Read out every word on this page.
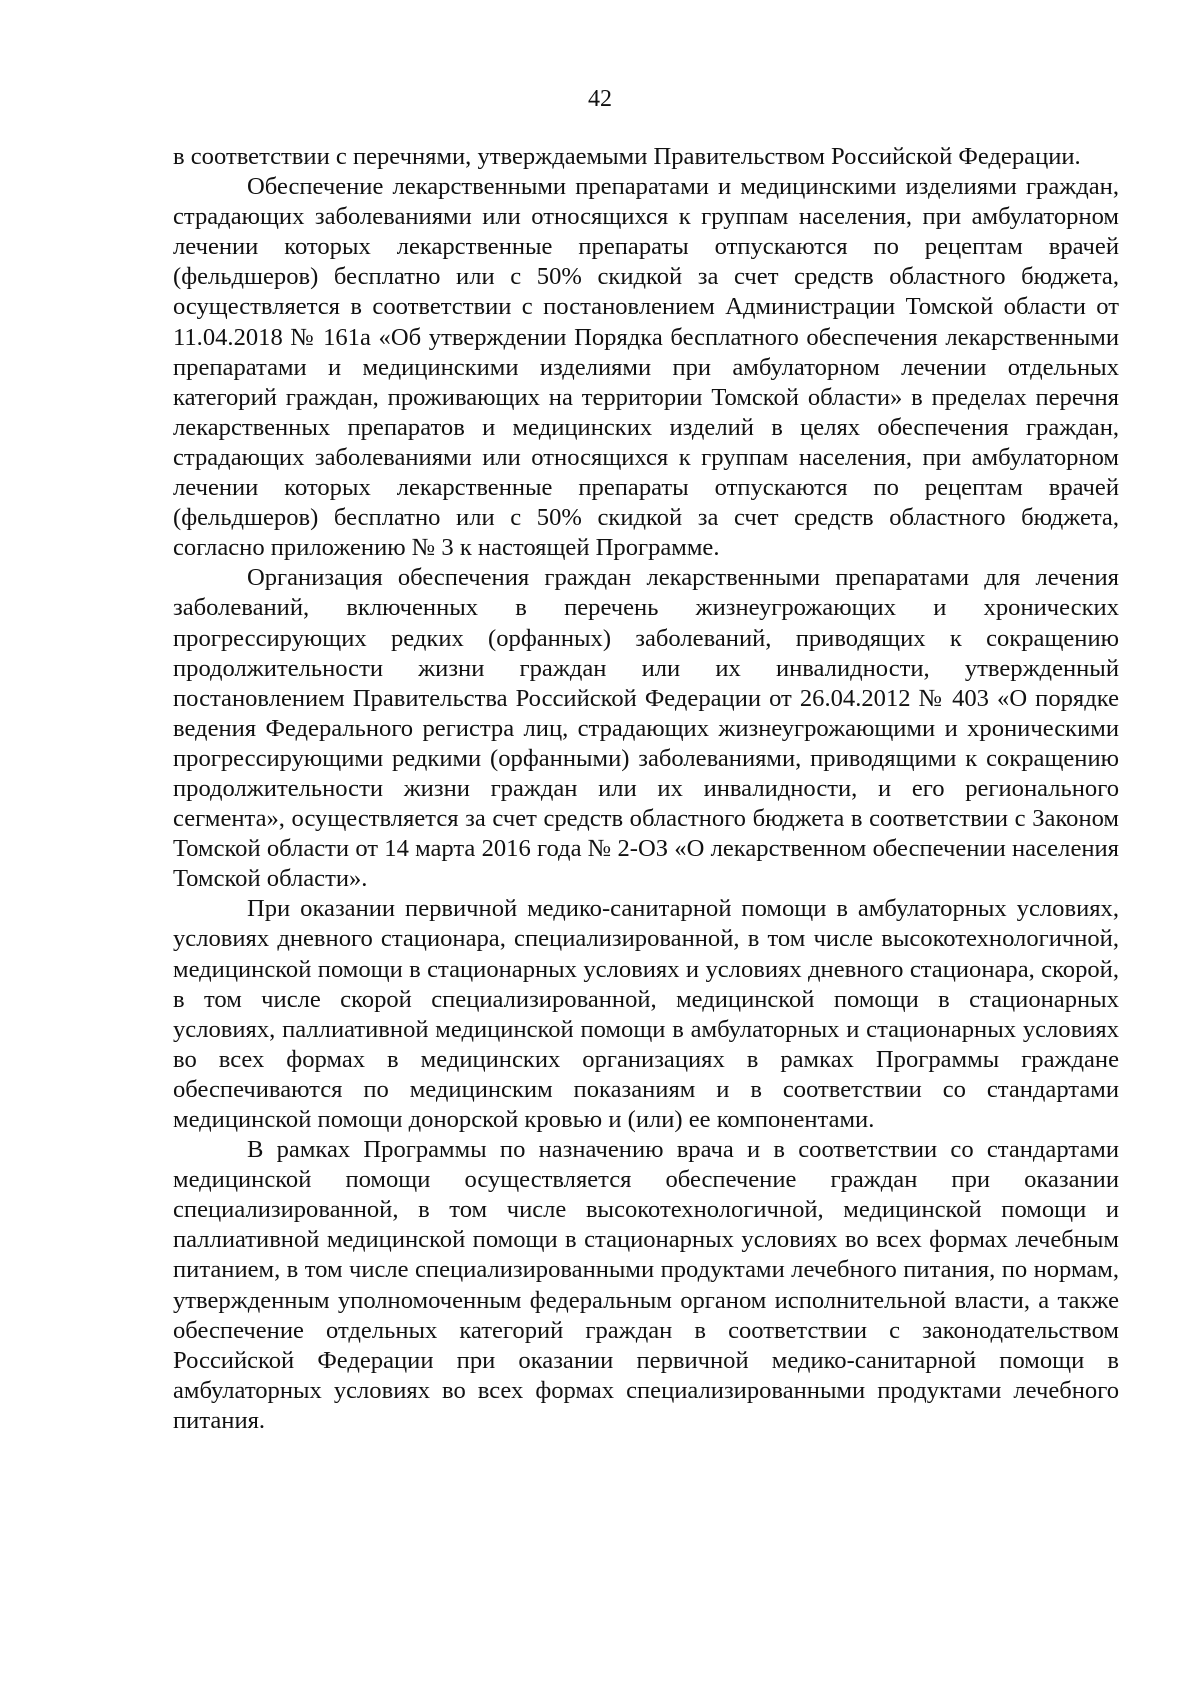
42

в соответствии с перечнями, утверждаемыми Правительством Российской Федерации.

Обеспечение лекарственными препаратами и медицинскими изделиями граждан, страдающих заболеваниями или относящихся к группам населения, при амбулаторном лечении которых лекарственные препараты отпускаются по рецептам врачей (фельдшеров) бесплатно или с 50% скидкой за счет средств областного бюджета, осуществляется в соответствии с постановлением Администрации Томской области от 11.04.2018 № 161а «Об утверждении Порядка бесплатного обеспечения лекарственными препаратами и медицинскими изделиями при амбулаторном лечении отдельных категорий граждан, проживающих на территории Томской области» в пределах перечня лекарственных препаратов и медицинских изделий в целях обеспечения граждан, страдающих заболеваниями или относящихся к группам населения, при амбулаторном лечении которых лекарственные препараты отпускаются по рецептам врачей (фельдшеров) бесплатно или с 50% скидкой за счет средств областного бюджета, согласно приложению № 3 к настоящей Программе.

Организация обеспечения граждан лекарственными препаратами для лечения заболеваний, включенных в перечень жизнеугрожающих и хронических прогрессирующих редких (орфанных) заболеваний, приводящих к сокращению продолжительности жизни граждан или их инвалидности, утвержденный постановлением Правительства Российской Федерации от 26.04.2012 № 403 «О порядке ведения Федерального регистра лиц, страдающих жизнеугрожающими и хроническими прогрессирующими редкими (орфанными) заболеваниями, приводящими к сокращению продолжительности жизни граждан или их инвалидности, и его регионального сегмента», осуществляется за счет средств областного бюджета в соответствии с Законом Томской области от 14 марта 2016 года № 2-ОЗ «О лекарственном обеспечении населения Томской области».

При оказании первичной медико-санитарной помощи в амбулаторных условиях, условиях дневного стационара, специализированной, в том числе высокотехнологичной, медицинской помощи в стационарных условиях и условиях дневного стационара, скорой, в том числе скорой специализированной, медицинской помощи в стационарных условиях, паллиативной медицинской помощи в амбулаторных и стационарных условиях во всех формах в медицинских организациях в рамках Программы граждане обеспечиваются по медицинским показаниям и в соответствии со стандартами медицинской помощи донорской кровью и (или) ее компонентами.

В рамках Программы по назначению врача и в соответствии со стандартами медицинской помощи осуществляется обеспечение граждан при оказании специализированной, в том числе высокотехнологичной, медицинской помощи и паллиативной медицинской помощи в стационарных условиях во всех формах лечебным питанием, в том числе специализированными продуктами лечебного питания, по нормам, утвержденным уполномоченным федеральным органом исполнительной власти, а также обеспечение отдельных категорий граждан в соответствии с законодательством Российской Федерации при оказании первичной медико-санитарной помощи в амбулаторных условиях во всех формах специализированными продуктами лечебного питания.
